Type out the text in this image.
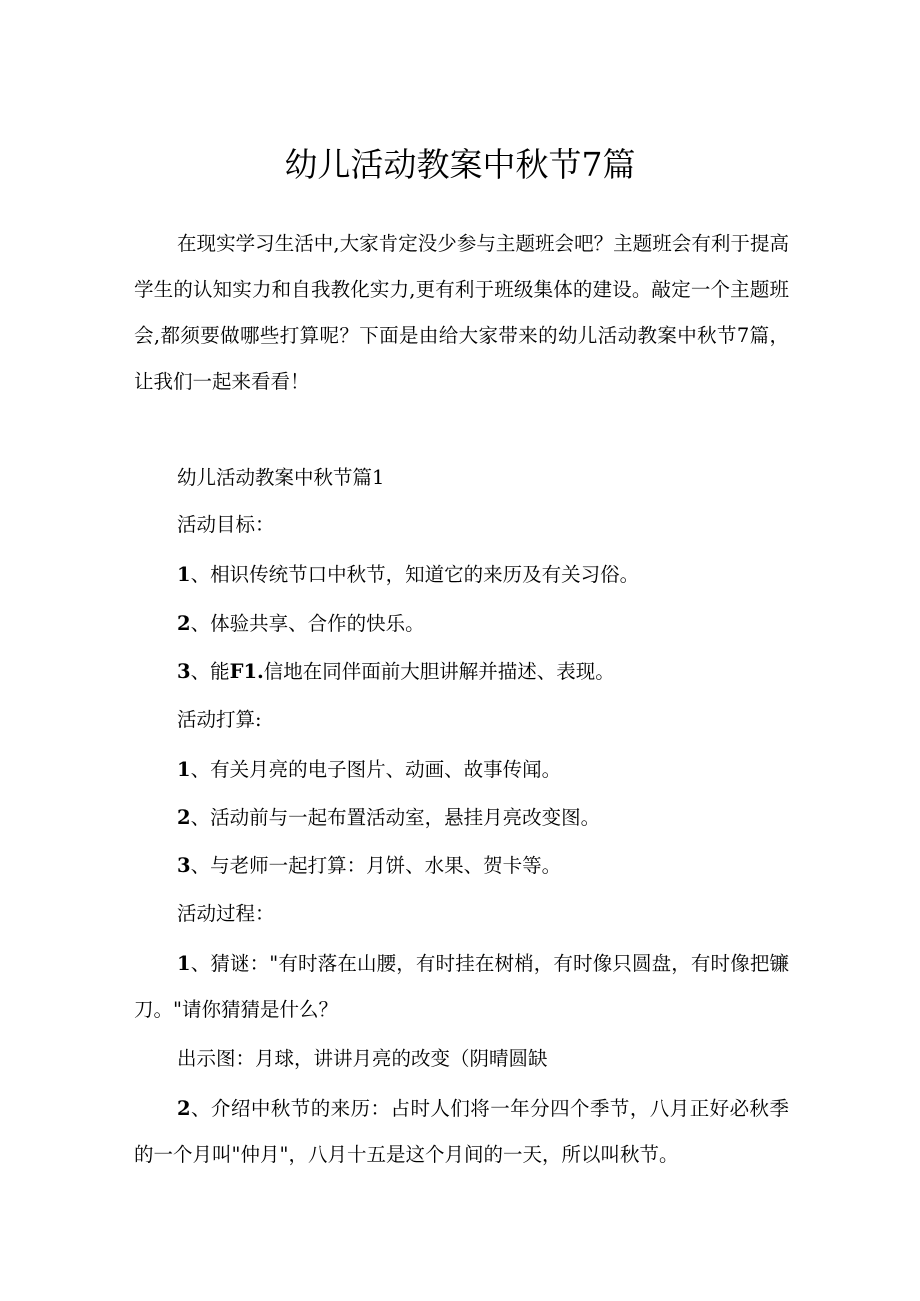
幼儿活动教案中秋节7篇

在现实学习生活中,大家肯定没少参与主题班会吧？主题班会有利于提高学生的认知实力和自我教化实力,更有利于班级集体的建设。敲定一个主题班会,都须要做哪些打算呢？下面是由给大家带来的幼儿活动教案中秋节7篇，让我们一起来看看！

幼儿活动教案中秋节篇1

活动目标：

1、相识传统节口中秋节，知道它的来历及有关习俗。

2、体验共享、合作的快乐。

3、能F1.信地在同伴面前大胆讲解并描述、表现。

活动打算:

1、有关月亮的电子图片、动画、故事传闻。

2、活动前与一起布置活动室，悬挂月亮改变图。

3、与老师一起打算：月饼、水果、贺卡等。

活动过程：

1、猜谜："有时落在山腰，有时挂在树梢，有时像只圆盘，有时像把镰刀。"请你猜猜是什么？

出示图：月球，讲讲月亮的改变（阴晴圆缺

2、介绍中秋节的来历：占时人们将一年分四个季节，八月正好必秋季的一个月叫"仲月"，八月十五是这个月间的一天，所以叫秋节。
